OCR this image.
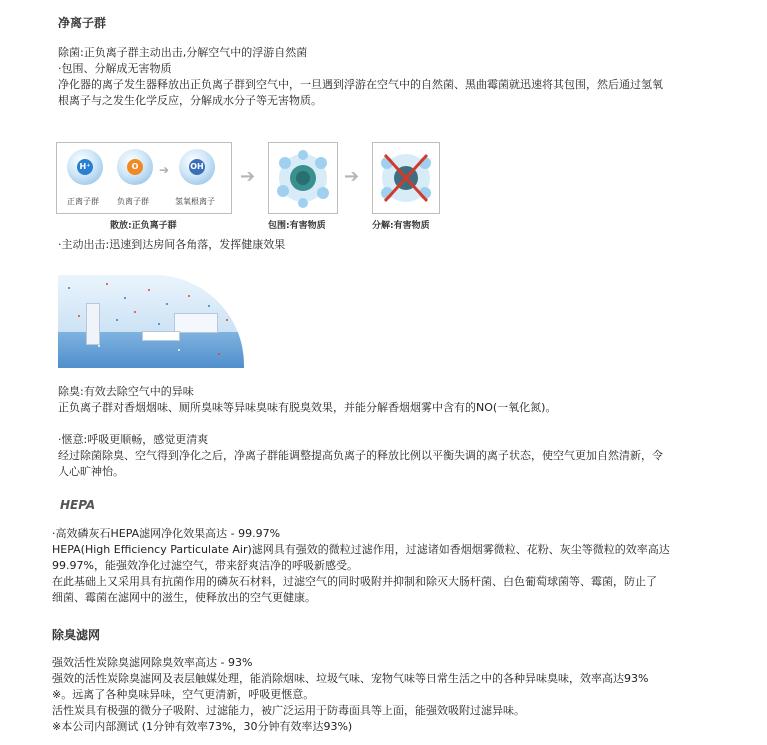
净离子群
除菌:正负离子群主动出击,分解空气中的浮游自然菌
·包围、分解成无害物质
净化器的离子发生器释放出正负离子群到空气中，一旦遇到浮游在空气中的自然菌、黑曲霉菌就迅速将其包围，然后通过氢氧
根离子与之发生化学反应，分解成水分子等无害物质。
H⁺	O	➔	OH
正离子群 负离子群	氢氧根离子
散放:正负离子群
➔
包围:有害物质
➔
分解:有害物质
·主动出击:迅速到达房间各角落，发挥健康效果
除臭:有效去除空气中的异味
正负离子群对香烟烟味、厕所臭味等异味臭味有脱臭效果，并能分解香烟烟雾中含有的NO(一氧化氮)。
·惬意:呼吸更顺畅，感觉更清爽
经过除菌除臭、空气得到净化之后，净离子群能调整提高负离子的释放比例以平衡失调的离子状态，使空气更加自然清新，令
人心旷神怡。
HEPA
·高效磷灰石HEPA滤网净化效果高达 - 99.97%
HEPA(High Efficiency Particulate Air)滤网具有强效的微粒过滤作用，过滤诸如香烟烟雾微粒、花粉、灰尘等微粒的效率高达
99.97%，能强效净化过滤空气，带来舒爽洁净的呼吸新感受。
在此基础上又采用具有抗菌作用的磷灰石材料，过滤空气的同时吸附并抑制和除灭大肠杆菌、白色葡萄球菌等、霉菌，防止了
细菌、霉菌在滤网中的滋生，使释放出的空气更健康。
除臭滤网
强效活性炭除臭滤网除臭效率高达 - 93%
强效的活性炭除臭滤网及表层触媒处理，能消除烟味、垃圾气味、宠物气味等日常生活之中的各种异味臭味，效率高达93%
※。远离了各种臭味异味，空气更清新，呼吸更惬意。
活性炭具有极强的微分子吸附、过滤能力，被广泛运用于防毒面具等上面，能强效吸附过滤异味。
※本公司内部测试 (1分钟有效率73%，30分钟有效率达93%)
